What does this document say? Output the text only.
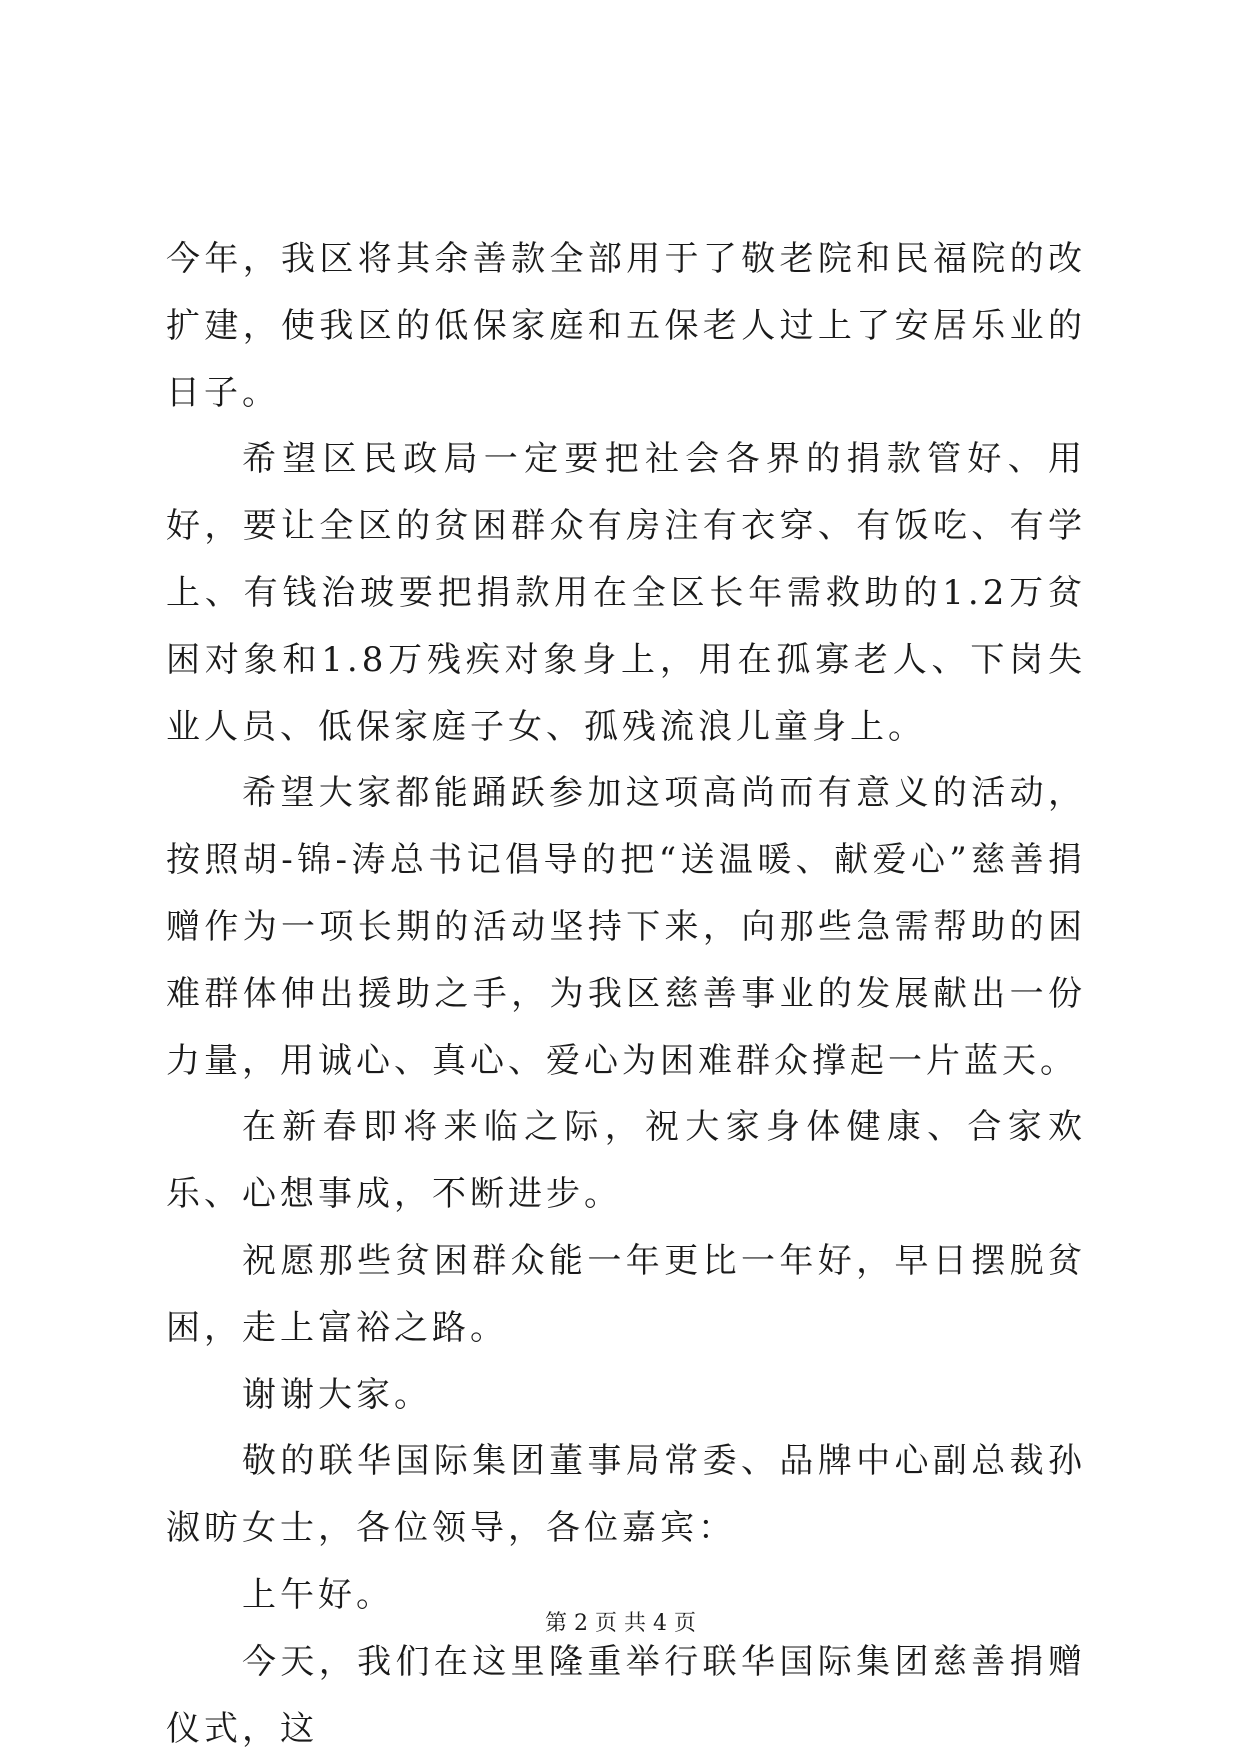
今年，我区将其余善款全部用于了敬老院和民福院的改扩建，使我区的低保家庭和五保老人过上了安居乐业的日子。

希望区民政局一定要把社会各界的捐款管好、用好，要让全区的贫困群众有房注有衣穿、有饭吃、有学上、有钱治玻要把捐款用在全区长年需救助的1.2万贫困对象和1.8万残疾对象身上，用在孤寡老人、下岗失业人员、低保家庭子女、孤残流浪儿童身上。

希望大家都能踊跃参加这项高尚而有意义的活动，按照胡-锦-涛总书记倡导的把“送温暖、献爱心”慈善捐赠作为一项长期的活动坚持下来，向那些急需帮助的困难群体伸出援助之手，为我区慈善事业的发展献出一份力量，用诚心、真心、爱心为困难群众撑起一片蓝天。

在新春即将来临之际，祝大家身体健康、合家欢乐、心想事成，不断进步。

祝愿那些贫困群众能一年更比一年好，早日摆脱贫困，走上富裕之路。

谢谢大家。

敬的联华国际集团董事局常委、品牌中心副总裁孙淑昉女士，各位领导，各位嘉宾：

上午好。

今天，我们在这里隆重举行联华国际集团慈善捐赠仪式，这

第 2 页 共 4 页
